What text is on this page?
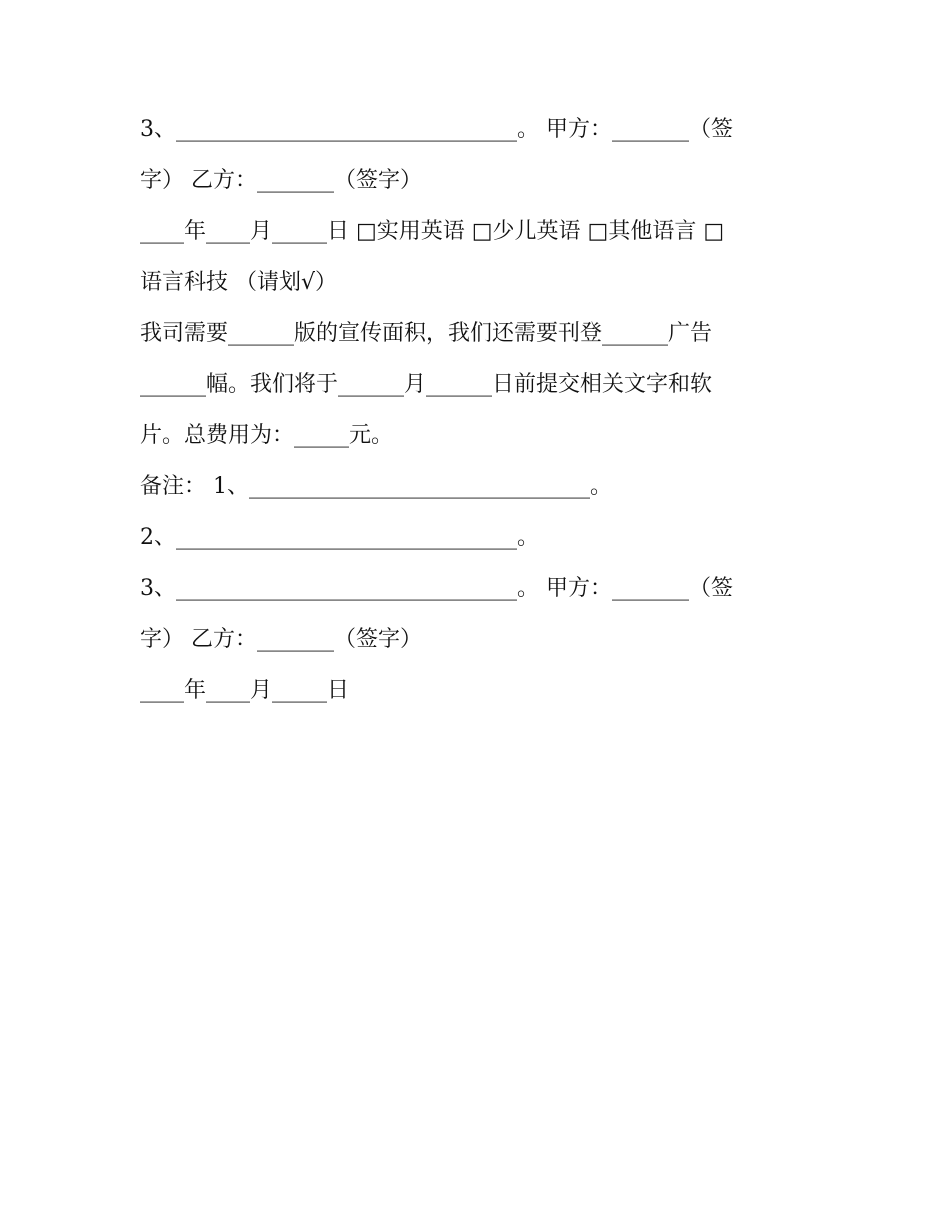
3、_______________________________。 甲方：_______（签
字） 乙方：_______（签字）
____年____月_____日 □实用英语 □少儿英语 □其他语言 □
语言科技 （请划√）
我司需要______版的宣传面积，我们还需要刊登______广告
______幅。我们将于______月______日前提交相关文字和软
片。总费用为：_____元。
备注： 1、_______________________________。
2、_______________________________。
3、_______________________________。 甲方：_______（签
字） 乙方：_______（签字）
____年____月_____日
